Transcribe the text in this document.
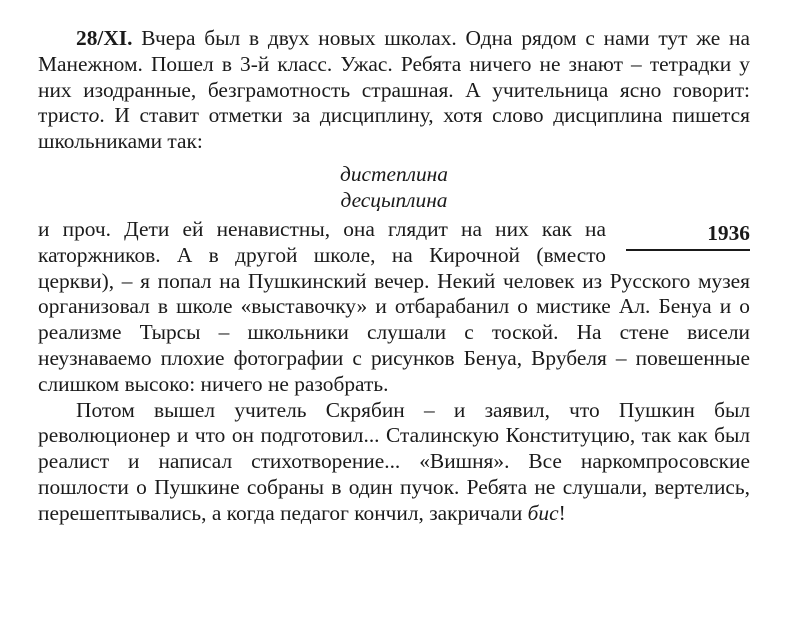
28/XI. Вчера был в двух новых школах. Одна рядом с нами тут же на Манежном. Пошел в 3-й класс. Ужас. Ребята ничего не знают – тетрадки у них изодранные, безграмотность страшная. А учительница ясно говорит: тристо. И ставит отметки за дисциплину, хотя слово дисциплина пишется школьниками так:

дистеплина
десцыплина

1936
и проч. Дети ей ненавистны, она глядит на них как на каторжников. А в другой школе, на Кирочной (вместо церкви), – я попал на Пушкинский вечер. Некий человек из Русского музея организовал в школе «выставочку» и отбарабанил о мистике Ал. Бенуа и о реализме Тырсы – школьники слушали с тоской. На стене висели неузнаваемо плохие фотографии с рисунков Бенуа, Врубеля – повешенные слишком высоко: ничего не разобрать.

Потом вышел учитель Скрябин – и заявил, что Пушкин был революционер и что он подготовил... Сталинскую Конституцию, так как был реалист и написал стихотворение... «Вишня». Все наркомпросовские пошлости о Пушкине собраны в один пучок. Ребята не слушали, вертелись, перешептывались, а когда педагог кончил, закричали бис!
